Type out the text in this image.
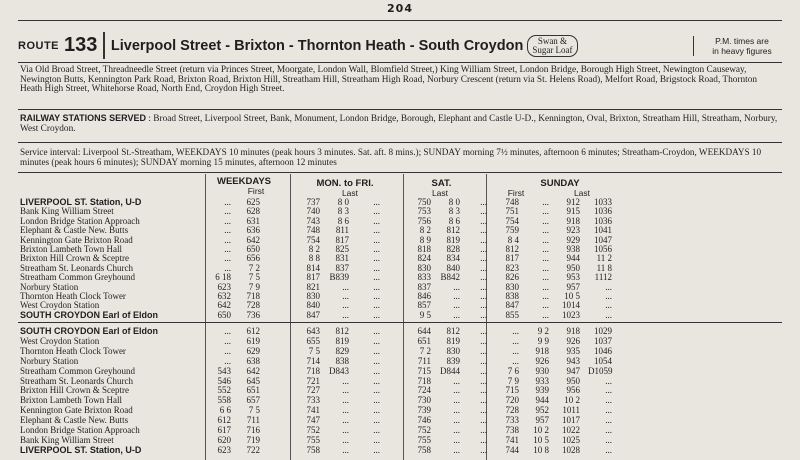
204
ROUTE 133 Liverpool Street - Brixton - Thornton Heath - South Croydon	Swan &
Sugar Loaf
P.M. times are
in heavy figures
Via Old Broad Street, Threadneedle Street (return via Princes Street, Moorgate, London Wall, Blomfield Street,) King William Street, London Bridge, Borough High Street, Newington Causeway, Newington Butts, Kennington Park Road, Brixton Road, Brixton Hill, Streatham Hill, Streatham High Road, Norbury Crescent (return via St. Helens Road), Melfort Road, Brigstock Road, Thornton Heath High Street, Whitehorse Road, North End, Croydon High Street.
RAILWAY STATIONS SERVED : Broad Street, Liverpool Street, Bank, Monument, London Bridge, Borough, Elephant and Castle U-D., Kennington, Oval, Brixton, Streatham Hill, Streatham, Norbury, West Croydon.
Service interval: Liverpool St.-Streatham, WEEKDAYS 10 minutes (peak hours 3 minutes. Sat. aft. 8 mins.); SUNDAY morning 7½ minutes, afternoon 6 minutes; Streatham-Croydon, WEEKDAYS 10 minutes (peak hours 6 minutes); SUNDAY morning 15 minutes, afternoon 12 minutes
WEEKDAYS
First
MON. to FRI.
Last
SAT.
Last
SUNDAY
First	Last
LIVERPOOL ST. Station, U-D	...	625	737	8 0	...	750	8 0	...	748	...	912	1033
Bank King William Street	...	628	740	8 3	...	753	8 3	...	751	...	915	1036
London Bridge Station Approach	...	631	743	8 6	...	756	8 6	...	754	...	918	1036
Elephant & Castle New. Butts	...	636	748	811	...	8 2	812	...	759	...	923	1041
Kennington Gate Brixton Road	...	642	754	817	...	8 9	819	...	8 4	...	929	1047
Brixton Lambeth Town Hall	...	650	8 2	825	...	818	828	...	812	...	938	1056
Brixton Hill Crown & Sceptre	...	656	8 8	831	...	824	834	...	817	...	944	11 2
Streatham St. Leonards Church	...	7 2	814	837	...	830	840	...	823	...	950	11 8
Streatham Common Greyhound	6 18	7 5	817	B839	...	833	B842	...	826	...	953	1112
Norbury Station	623	7 9	821	...	...	837	...	...	830	...	957	...
Thornton Heath Clock Tower	632	718	830	...	...	846	...	...	838	...	10 5	...
West Croydon Station	642	728	840	...	...	857	...	...	847	...	1014	...
SOUTH CROYDON Earl of Eldon	650	736	847	...	...	9 5	...	...	855	...	1023	...
SOUTH CROYDON Earl of Eldon	...	612	643	812	...	644	812	...	...	9 2	918	1029
West Croydon Station	...	619	655	819	...	651	819	...	...	9 9	926	1037
Thornton Heath Clock Tower	...	629	7 5	829	...	7 2	830	...	...	918	935	1046
Norbury Station	...	638	714	838	...	711	839	...	...	926	943	1054
Streatham Common Greyhound	543	642	718	D843	...	715	D844	...	7 6	930	947 D1059
Streatham St. Leonards Church	546	645	721	...	...	718	...	...	7 9	933	950	...
Brixton Hill Crown & Sceptre	552	651	727	...	...	724	...	...	715	939	956	...
Brixton Lambeth Town Hall	558	657	733	...	...	730	...	...	720	944	10 2	...
Kennington Gate Brixton Road	6 6	7 5	741	...	...	739	...	...	728	952	1011	...
Elephant & Castle New. Butts	612	711	747	...	...	746	...	...	733	957	1017	...
London Bridge Station Approach	617	716	752	...	...	752	...	...	738	10 2	1022	...
Bank King William Street	620	719	755	...	...	755	...	...	741	10 5	1025	...
LIVERPOOL ST. Station, U-D	623	722	758	...	...	758	...	...	744	10 8	1028	...
